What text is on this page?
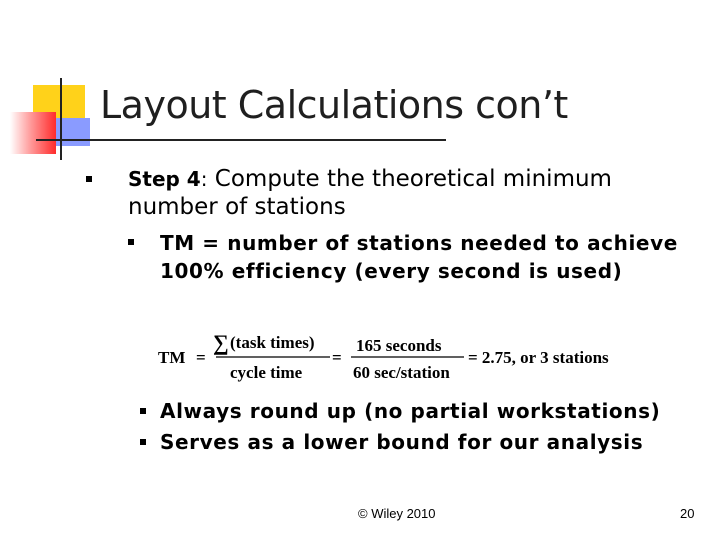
Layout Calculations con’t
Step 4: Compute the theoretical minimum number of stations
TM = number of stations needed to achieve 100% efficiency (every second is used)
TM =
∑ (task times)
cycle time
=
165 seconds
60 sec/station
= 2.75, or 3 stations
Always round up (no partial workstations)
Serves as a lower bound for our analysis
© Wiley 2010	20
